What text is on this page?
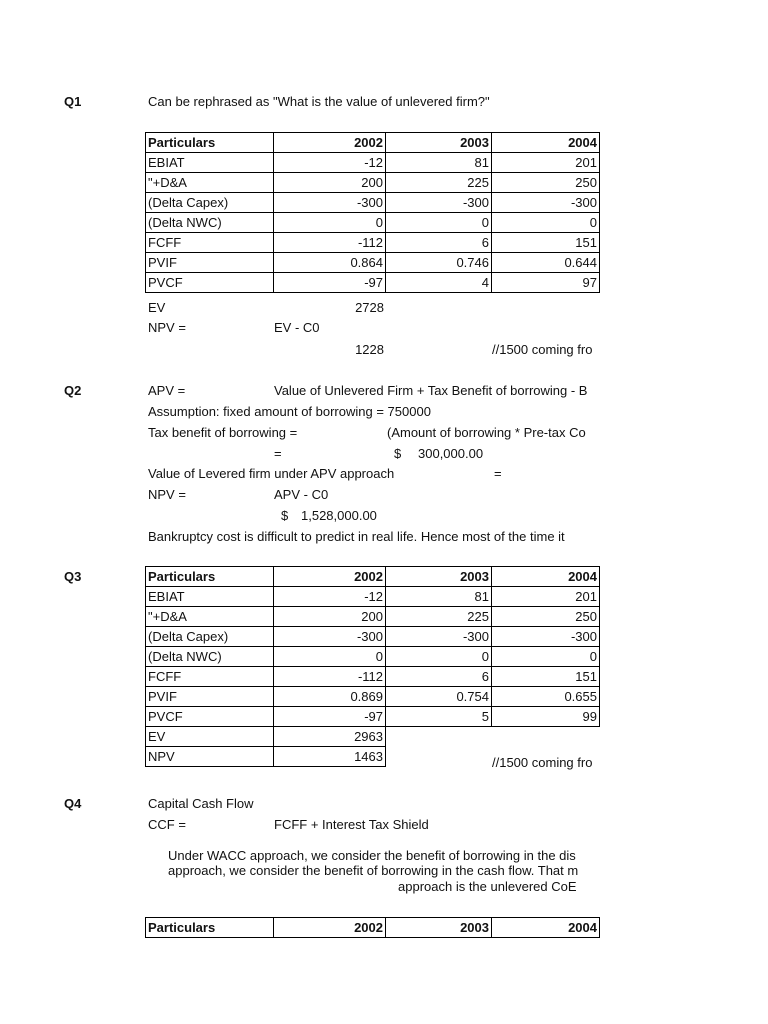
Q1	Can be rephrased as "What is the value of unlevered firm?"
Particulars	2002	2003	2004
EBIAT	-12	81	201
"+D&A	200	225	250
(Delta Capex)	-300	-300	-300
(Delta NWC)	0	0	0
FCFF	-112	6	151
PVIF	0.864	0.746	0.644
PVCF	-97	4	97
EV	2728
NPV =	EV - C0
1228	//1500 coming fro
Q2	APV =	Value of Unlevered Firm + Tax Benefit of borrowing - B
Assumption: fixed amount of borrowing = 750000
Tax benefit of borrowing =	(Amount of borrowing * Pre-tax Co
=	$ 300,000.00
Value of Levered firm under APV approach	=
NPV =	APV - C0
$ 1,528,000.00
Bankruptcy cost is difficult to predict in real life. Hence most of the time it
Q3	Particulars	2002	2003	2004
EBIAT	-12	81	201
"+D&A	200	225	250
(Delta Capex)	-300	-300	-300
(Delta NWC)	0	0	0
FCFF	-112	6	151
PVIF	0.869	0.754	0.655
PVCF	-97	5	99
EV	2963		
NPV	1463			//1500 coming fro
Q4	Capital Cash Flow
CCF =	FCFF + Interest Tax Shield
Under WACC approach, we consider the benefit of borrowing in the dis
approach, we consider the benefit of borrowing in the cash flow. That m
approach is the unlevered CoE
Particulars	2002	2003	2004
